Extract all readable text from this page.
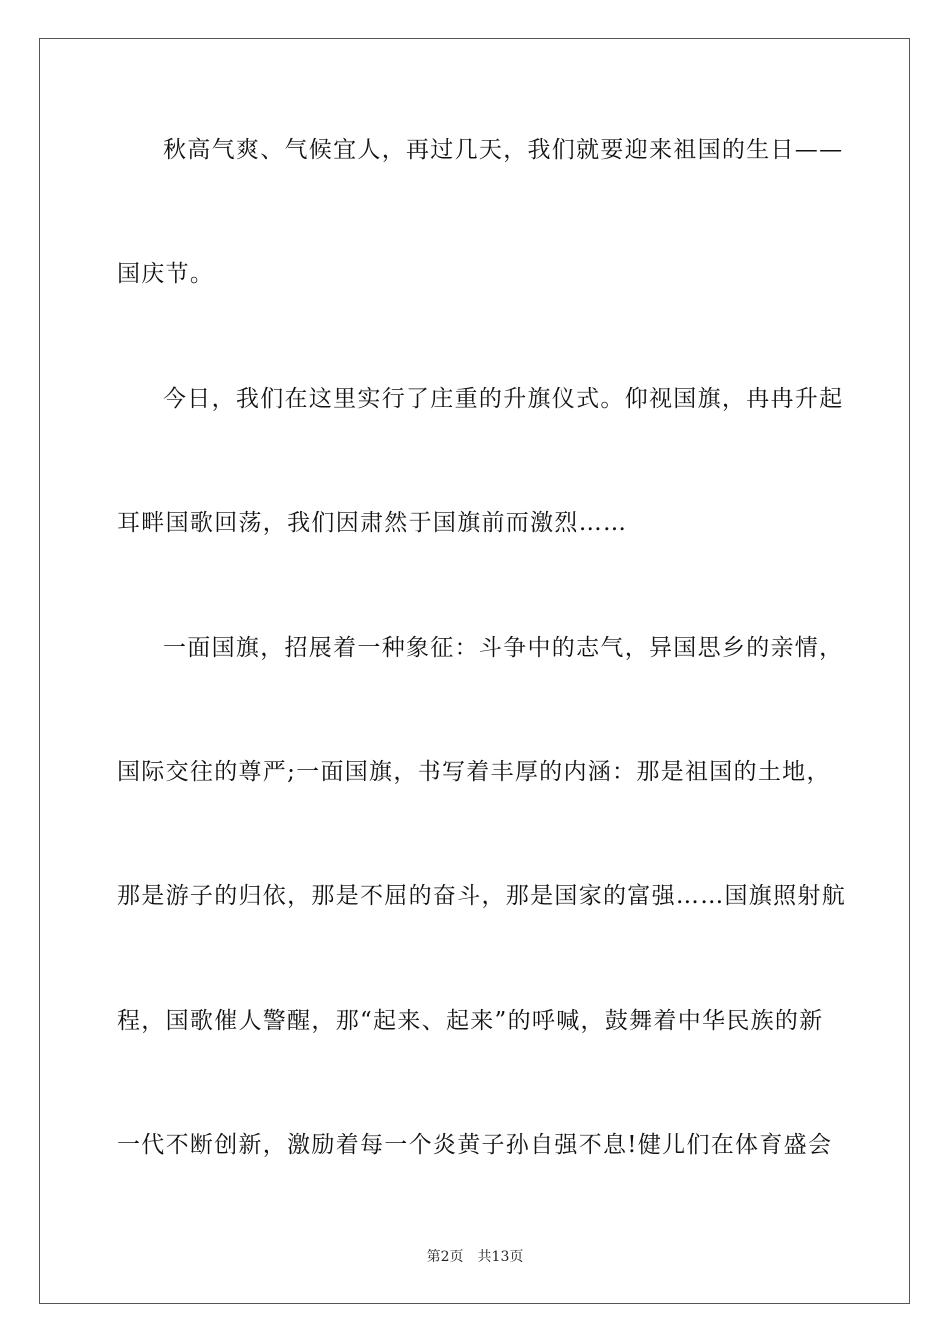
秋高气爽、气候宜人，再过几天，我们就要迎来祖国的生日——
国庆节。
今日，我们在这里实行了庄重的升旗仪式。仰视国旗，冉冉升起
耳畔国歌回荡，我们因肃然于国旗前而激烈……
一面国旗，招展着一种象征：斗争中的志气，异国思乡的亲情，
国际交往的尊严;一面国旗，书写着丰厚的内涵：那是祖国的土地，
那是游子的归依，那是不屈的奋斗，那是国家的富强……国旗照射航
程，国歌催人警醒，那“起来、起来”的呼喊，鼓舞着中华民族的新
一代不断创新，激励着每一个炎黄子孙自强不息!健儿们在体育盛会
第2页 共13页
